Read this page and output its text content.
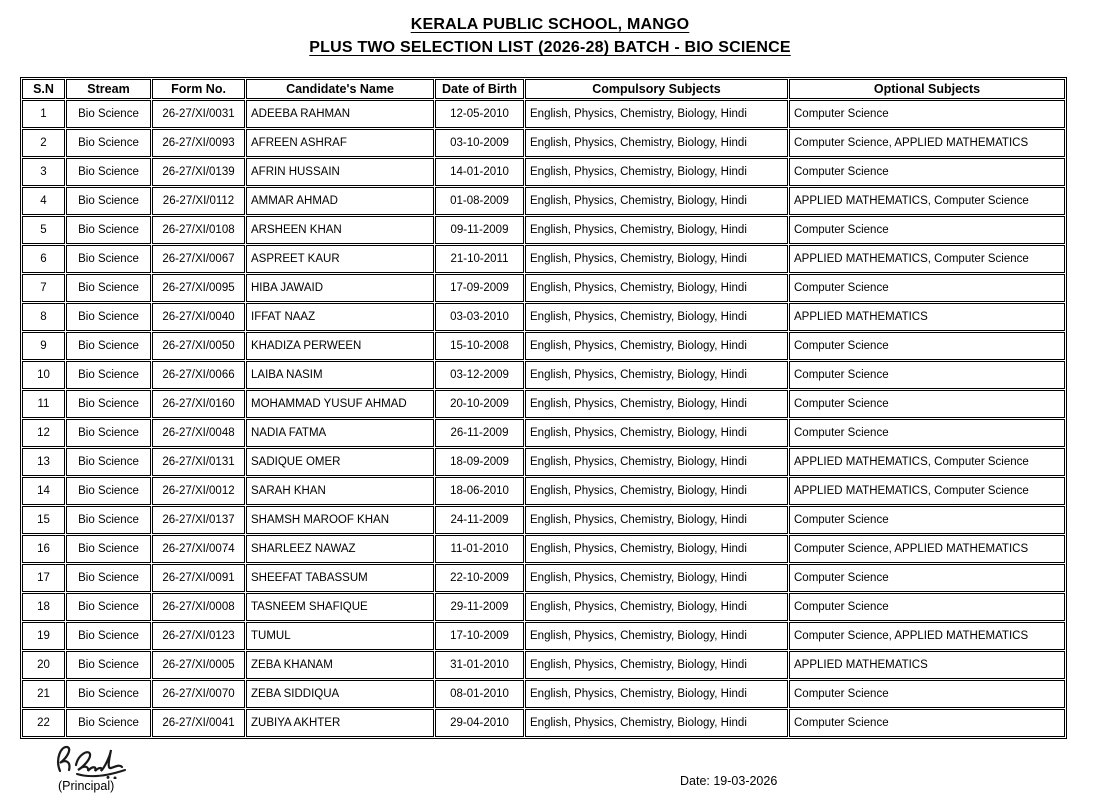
KERALA PUBLIC SCHOOL, MANGO
PLUS TWO SELECTION LIST (2026-28) BATCH - BIO SCIENCE
S.N	Stream	Form No.	Candidate's Name	Date of Birth	Compulsory Subjects	Optional Subjects
1	Bio Science	26-27/XI/0031	ADEEBA RAHMAN	12-05-2010	English, Physics, Chemistry, Biology, Hindi	Computer Science
2	Bio Science	26-27/XI/0093	AFREEN ASHRAF	03-10-2009	English, Physics, Chemistry, Biology, Hindi	Computer Science, APPLIED MATHEMATICS
3	Bio Science	26-27/XI/0139	AFRIN HUSSAIN	14-01-2010	English, Physics, Chemistry, Biology, Hindi	Computer Science
4	Bio Science	26-27/XI/0112	AMMAR AHMAD	01-08-2009	English, Physics, Chemistry, Biology, Hindi	APPLIED MATHEMATICS, Computer Science
5	Bio Science	26-27/XI/0108	ARSHEEN KHAN	09-11-2009	English, Physics, Chemistry, Biology, Hindi	Computer Science
6	Bio Science	26-27/XI/0067	ASPREET KAUR	21-10-2011	English, Physics, Chemistry, Biology, Hindi	APPLIED MATHEMATICS, Computer Science
7	Bio Science	26-27/XI/0095	HIBA JAWAID	17-09-2009	English, Physics, Chemistry, Biology, Hindi	Computer Science
8	Bio Science	26-27/XI/0040	IFFAT NAAZ	03-03-2010	English, Physics, Chemistry, Biology, Hindi	APPLIED MATHEMATICS
9	Bio Science	26-27/XI/0050	KHADIZA PERWEEN	15-10-2008	English, Physics, Chemistry, Biology, Hindi	Computer Science
10	Bio Science	26-27/XI/0066	LAIBA NASIM	03-12-2009	English, Physics, Chemistry, Biology, Hindi	Computer Science
11	Bio Science	26-27/XI/0160	MOHAMMAD YUSUF AHMAD	20-10-2009	English, Physics, Chemistry, Biology, Hindi	Computer Science
12	Bio Science	26-27/XI/0048	NADIA FATMA	26-11-2009	English, Physics, Chemistry, Biology, Hindi	Computer Science
13	Bio Science	26-27/XI/0131	SADIQUE OMER	18-09-2009	English, Physics, Chemistry, Biology, Hindi	APPLIED MATHEMATICS, Computer Science
14	Bio Science	26-27/XI/0012	SARAH KHAN	18-06-2010	English, Physics, Chemistry, Biology, Hindi	APPLIED MATHEMATICS, Computer Science
15	Bio Science	26-27/XI/0137	SHAMSH MAROOF KHAN	24-11-2009	English, Physics, Chemistry, Biology, Hindi	Computer Science
16	Bio Science	26-27/XI/0074	SHARLEEZ NAWAZ	11-01-2010	English, Physics, Chemistry, Biology, Hindi	Computer Science, APPLIED MATHEMATICS
17	Bio Science	26-27/XI/0091	SHEEFAT TABASSUM	22-10-2009	English, Physics, Chemistry, Biology, Hindi	Computer Science
18	Bio Science	26-27/XI/0008	TASNEEM SHAFIQUE	29-11-2009	English, Physics, Chemistry, Biology, Hindi	Computer Science
19	Bio Science	26-27/XI/0123	TUMUL	17-10-2009	English, Physics, Chemistry, Biology, Hindi	Computer Science, APPLIED MATHEMATICS
20	Bio Science	26-27/XI/0005	ZEBA KHANAM	31-01-2010	English, Physics, Chemistry, Biology, Hindi	APPLIED MATHEMATICS
21	Bio Science	26-27/XI/0070	ZEBA SIDDIQUA	08-01-2010	English, Physics, Chemistry, Biology, Hindi	Computer Science
22	Bio Science	26-27/XI/0041	ZUBIYA AKHTER	29-04-2010	English, Physics, Chemistry, Biology, Hindi	Computer Science
(Principal)	Date: 19-03-2026
